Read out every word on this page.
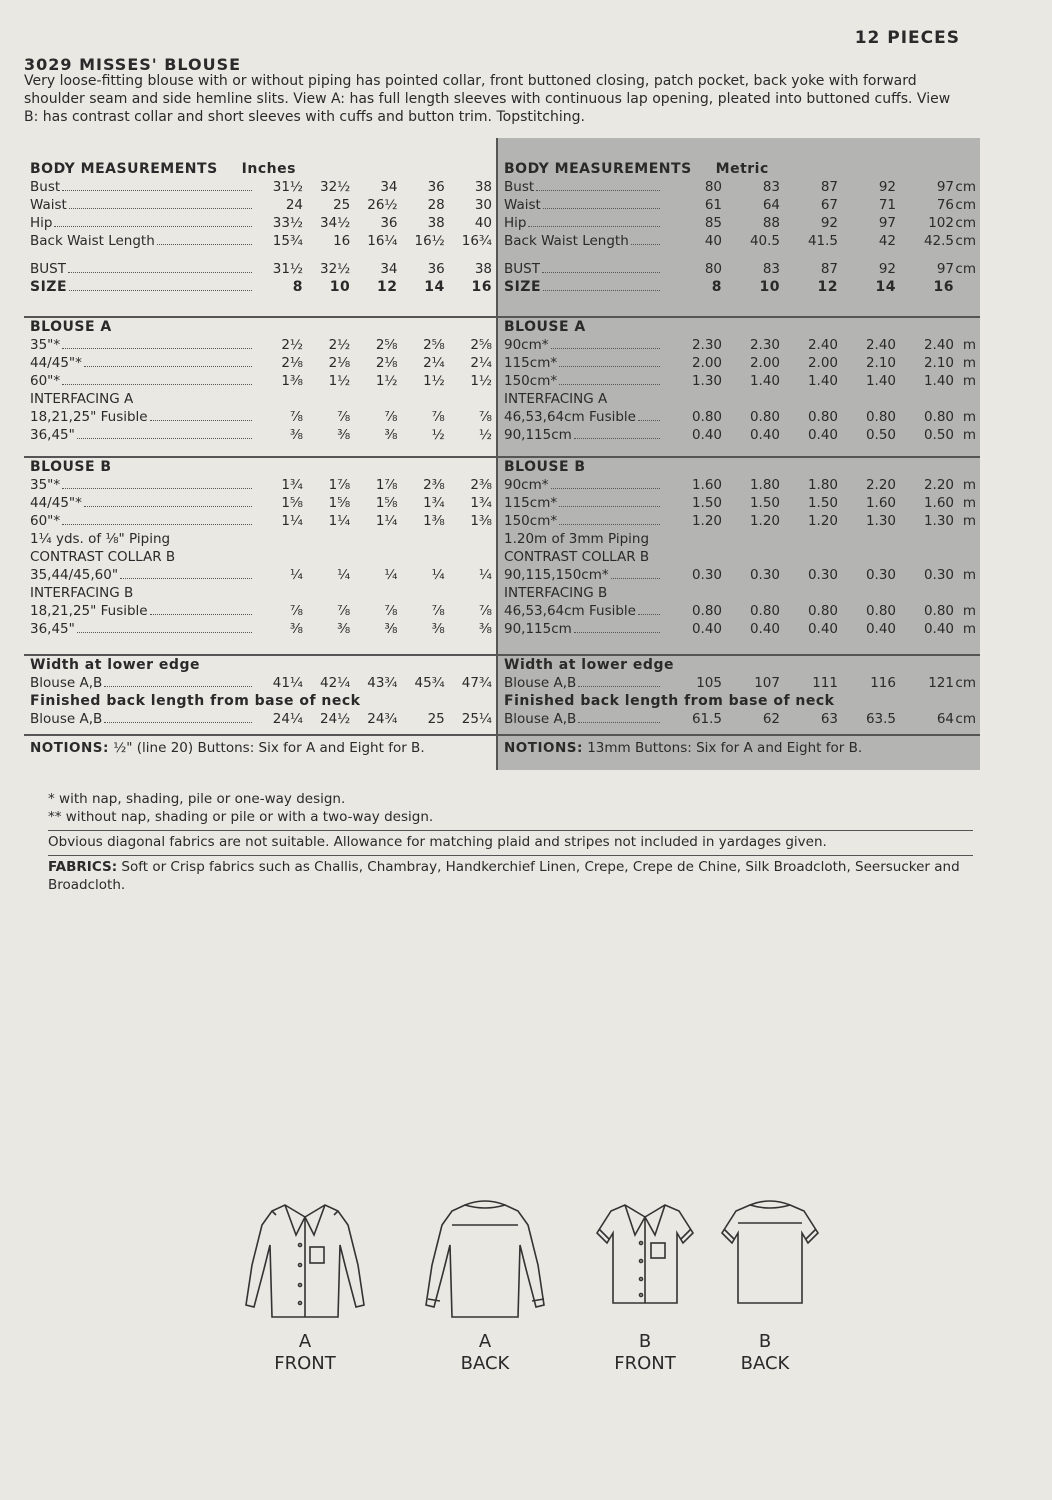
12 PIECES
3029 MISSES' BLOUSE
Very loose-fitting blouse with or without piping has pointed collar, front buttoned closing, patch pocket, back yoke with forward shoulder seam and side hemline slits. View A: has full length sleeves with continuous lap opening, pleated into buttoned cuffs. View B: has contrast collar and short sleeves with cuffs and button trim. Topstitching.
BODY MEASUREMENTS Inches
Bust	31½	32½	34	36	38
Waist	24	25	26½	28	30
Hip	33½	34½	36	38	40
Back Waist Length	15¾	16	16¼	16½	16¾
BUST	31½	32½	34	36	38
SIZE	8	10	12	14	16
BLOUSE A
35"*	2½	2½	2⅝	2⅝	2⅝
44/45"*	2⅛	2⅛	2⅛	2¼	2¼
60"*	1⅜	1½	1½	1½	1½
INTERFACING A
18,21,25" Fusible	⅞	⅞	⅞	⅞	⅞
36,45"	⅜	⅜	⅜	½	½
BLOUSE B
35"*	1¾	1⅞	1⅞	2⅜	2⅜
44/45"*	1⅝	1⅝	1⅝	1¾	1¾
60"*	1¼	1¼	1¼	1⅜	1⅜
1¼ yds. of ⅛" Piping
CONTRAST COLLAR B
35,44/45,60"	¼	¼	¼	¼	¼
INTERFACING B
18,21,25" Fusible	⅞	⅞	⅞	⅞	⅞
36,45"	⅜	⅜	⅜	⅜	⅜
Width at lower edge
Blouse A,B	41¼	42¼	43¾	45¾	47¾
Finished back length from base of neck
Blouse A,B	24¼	24½	24¾	25	25¼
NOTIONS: ½" (line 20) Buttons: Six for A and Eight for B.
BODY MEASUREMENTS Metric
Bust	80	83	87	92	97 cm
Waist	61	64	67	71	76 cm
Hip	85	88	92	97	102 cm
Back Waist Length	40	40.5	41.5	42	42.5 cm
BUST	80	83	87	92	97 cm
SIZE	8	10	12	14	16
BLOUSE A
90cm*	2.30	2.30	2.40	2.40	2.40 m
115cm*	2.00	2.00	2.00	2.10	2.10 m
150cm*	1.30	1.40	1.40	1.40	1.40 m
INTERFACING A
46,53,64cm Fusible	0.80	0.80	0.80	0.80	0.80 m
90,115cm	0.40	0.40	0.40	0.50	0.50 m
BLOUSE B
90cm*	1.60	1.80	1.80	2.20	2.20 m
115cm*	1.50	1.50	1.50	1.60	1.60 m
150cm*	1.20	1.20	1.20	1.30	1.30 m
1.20m of 3mm Piping
CONTRAST COLLAR B
90,115,150cm*	0.30	0.30	0.30	0.30	0.30 m
INTERFACING B
46,53,64cm Fusible	0.80	0.80	0.80	0.80	0.80 m
90,115cm	0.40	0.40	0.40	0.40	0.40 m
Width at lower edge
Blouse A,B	105	107	111	116	121 cm
Finished back length from base of neck
Blouse A,B	61.5	62	63	63.5	64 cm
NOTIONS: 13mm Buttons: Six for A and Eight for B.
* with nap, shading, pile or one-way design.
** without nap, shading or pile or with a two-way design.
Obvious diagonal fabrics are not suitable. Allowance for matching plaid and stripes not included in yardages given.
FABRICS: Soft or Crisp fabrics such as Challis, Chambray, Handkerchief Linen, Crepe, Crepe de Chine, Silk Broadcloth, Seersucker and Broadcloth.
A
FRONT
A
BACK
B
FRONT
B
BACK
